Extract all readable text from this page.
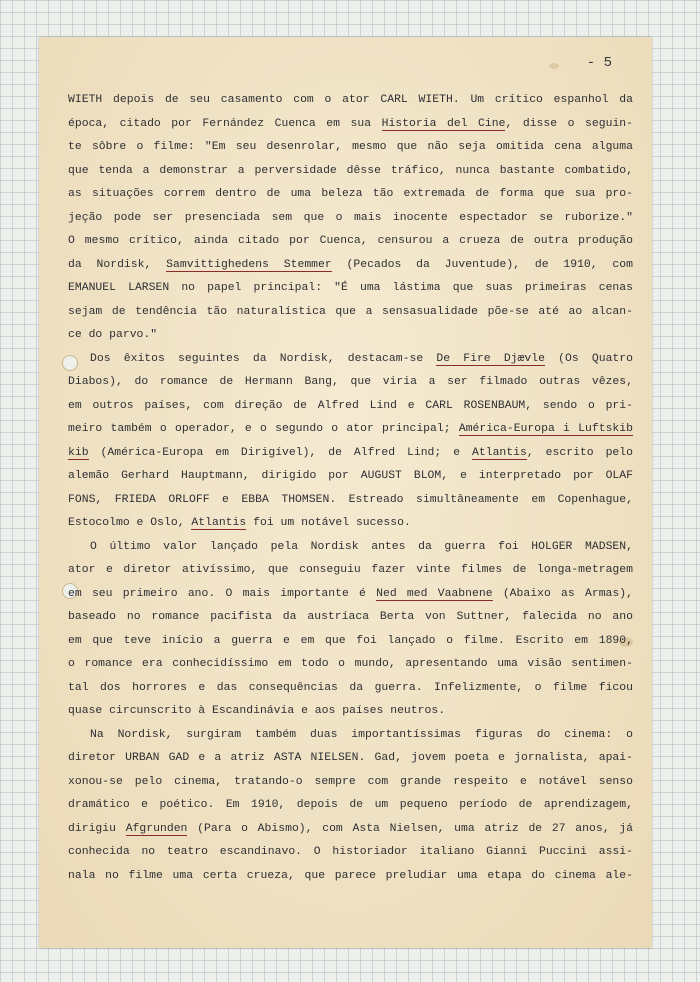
- 5
WIETH depois de seu casamento com o ator CARL WIETH. Um crítico espanhol da
época, citado por Fernández Cuenca em sua Historia del Cine, disse o seguin-
te sôbre o filme: "Em seu desenrolar, mesmo que não seja omitida cena alguma
que tenda a demonstrar a perversidade dêsse tráfico, nunca bastante combatido,
as situações correm dentro de uma beleza tão extremada de forma que sua pro-
jeção pode ser presenciada sem que o mais inocente espectador se ruborize."
O mesmo crítico, ainda citado por Cuenca, censurou a crueza de outra produção
da Nordisk, Samvittighedens Stemmer (Pecados da Juventude), de 1910, com
EMANUEL LARSEN no papel principal: "É uma lástima que suas primeiras cenas
sejam de tendência tão naturalística que a sensasualidade põe-se até ao alcan-
ce do parvo."
Dos êxitos seguintes da Nordisk, destacam-se De Fire Djævle (Os Quatro
Diabos), do romance de Hermann Bang, que viria a ser filmado outras vêzes,
em outros países, com direção de Alfred Lind e CARL ROSENBAUM, sendo o pri-
meiro também o operador, e o segundo o ator principal; América-Europa i Luftskib
kib (América-Europa em Dirigível), de Alfred Lind; e Atlantis, escrito pelo
alemão Gerhard Hauptmann, dirigido por AUGUST BLOM, e interpretado por OLAF
FONS, FRIEDA ORLOFF e EBBA THOMSEN. Estreado simultâneamente em Copenhague,
Estocolmo e Oslo, Atlantis foi um notável sucesso.
O último valor lançado pela Nordisk antes da guerra foi HOLGER MADSEN,
ator e diretor ativíssimo, que conseguiu fazer vinte filmes de longa-metragem
em seu primeiro ano. O mais importante é Ned med Vaabnene (Abaixo as Armas),
baseado no romance pacifista da austríaca Berta von Suttner, falecida no ano
em que teve início a guerra e em que foi lançado o filme. Escrito em 1890,
o romance era conhecidíssimo em todo o mundo, apresentando uma visão sentimen-
tal dos horrores e das consequências da guerra. Infelizmente, o filme ficou
quase circunscrito à Escandinávia e aos países neutros.
Na Nordisk, surgiram também duas importantíssimas figuras do cinema: o
diretor URBAN GAD e a atriz ASTA NIELSEN. Gad, jovem poeta e jornalista, apai-
xonou-se pelo cinema, tratando-o sempre com grande respeito e notável senso
dramático e poético. Em 1910, depois de um pequeno período de aprendizagem,
dirigiu Afgrunden (Para o Abismo), com Asta Nielsen, uma atriz de 27 anos, já
conhecida no teatro escandinavo. O historiador italiano Gianni Puccini assi-
nala no filme uma certa crueza, que parece preludiar uma etapa do cinema ale-
